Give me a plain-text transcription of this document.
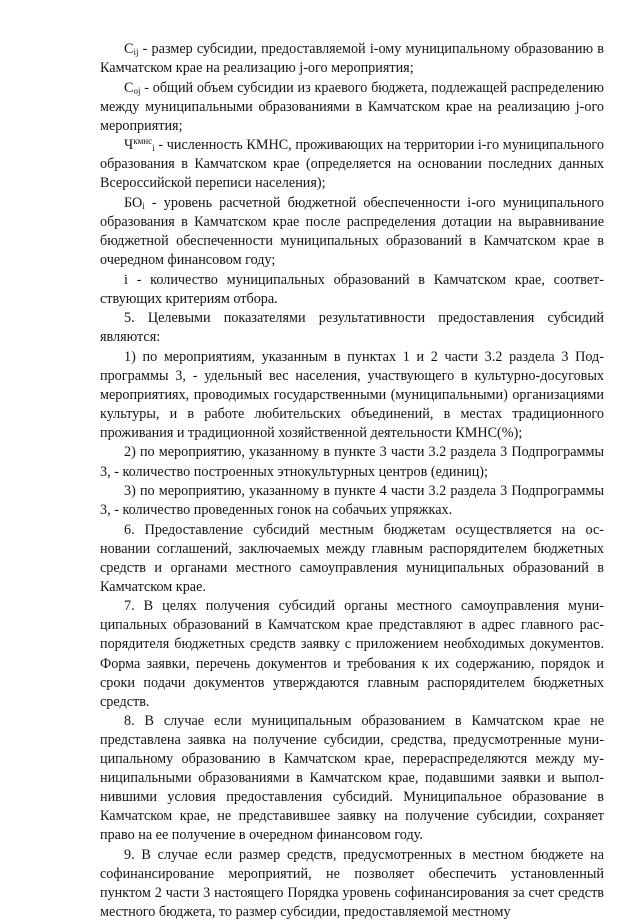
$C_{ij}$ - размер субсидии, предоставляемой i-ому муниципальному образованию в Камчатском крае на реализацию j-ого мероприятия;

$C_{oj}$ - общий объем субсидии из краевого бюджета, подлежащей распределению между муниципальными образованиями в Камчатском крае на реализацию j-ого мероприятия;

$Ч^{кмнс}_i$ - численность КМНС, проживающих на территории i-го муниципального образования в Камчатском крае (определяется на основании последних данных Всероссийской переписи населения);

$БО_i$ - уровень расчетной бюджетной обеспеченности i-ого муниципального образования в Камчатском крае после распределения дотации на выравнивание бюджетной обеспеченности муниципальных образований в Камчатском крае в очередном финансовом году;

i - количество муниципальных образований в Камчатском крае, соответствующих критериям отбора.

5. Целевыми показателями результативности предоставления субсидий являются:

1) по мероприятиям, указанным в пунктах 1 и 2 части 3.2 раздела 3 Подпрограммы 3, - удельный вес населения, участвующего в культурно-досуговых мероприятиях, проводимых государственными (муниципальными) организациями культуры, и в работе любительских объединений, в местах традиционного проживания и традиционной хозяйственной деятельности КМНС(%);

2) по мероприятию, указанному в пункте 3 части 3.2 раздела 3 Подпрограммы 3, - количество построенных этнокультурных центров (единиц);

3) по мероприятию, указанному в пункте 4 части 3.2 раздела 3 Подпрограммы 3, - количество проведенных гонок на собачьих упряжках.

6. Предоставление субсидий местным бюджетам осуществляется на основании соглашений, заключаемых между главным распорядителем бюджетных средств и органами местного самоуправления муниципальных образований в Камчатском крае.

7. В целях получения субсидий органы местного самоуправления муниципальных образований в Камчатском крае представляют в адрес главного распорядителя бюджетных средств заявку с приложением необходимых документов. Форма заявки, перечень документов и требования к их содержанию, порядок и сроки подачи документов утверждаются главным распорядителем бюджетных средств.

8. В случае если муниципальным образованием в Камчатском крае не представлена заявка на получение субсидии, средства, предусмотренные муниципальному образованию в Камчатском крае, перераспределяются между муниципальными образованиями в Камчатском крае, подавшими заявки и выполнившими условия предоставления субсидий. Муниципальное образование в Камчатском крае, не представившее заявку на получение субсидии, сохраняет право на ее получение в очередном финансовом году.

9. В случае если размер средств, предусмотренных в местном бюджете на софинансирование мероприятий, не позволяет обеспечить установленный пунктом 2 части 3 настоящего Порядка уровень софинансирования за счет средств местного бюджета, то размер субсидии, предоставляемой местному
